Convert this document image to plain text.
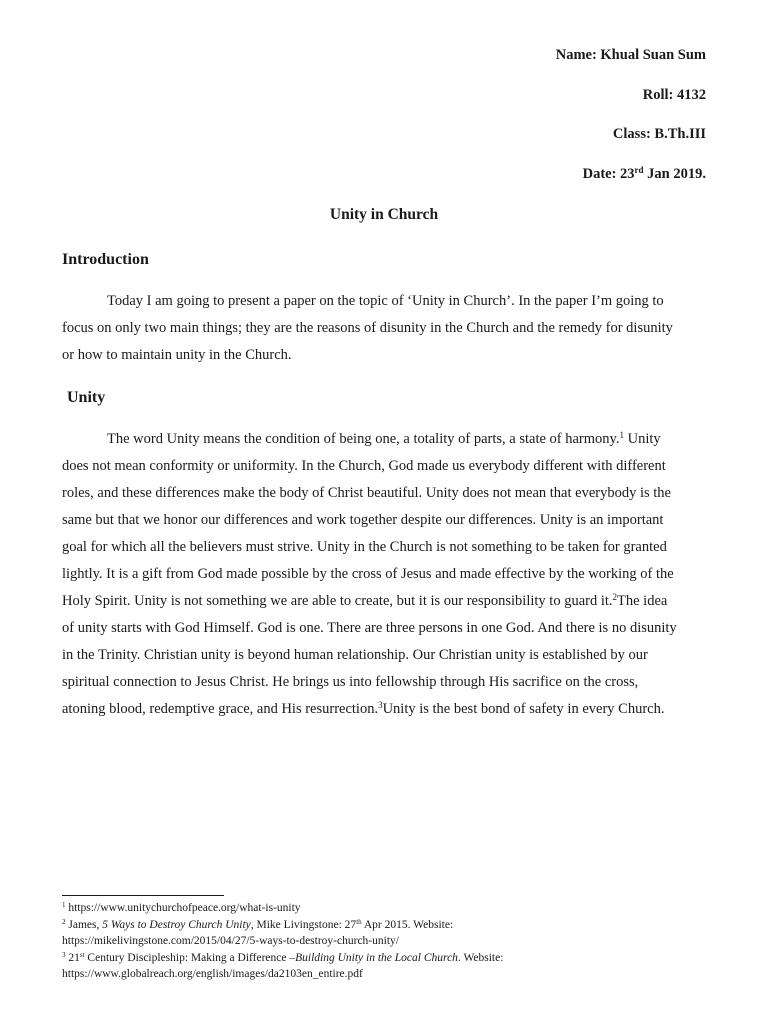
Name: Khual Suan Sum

Roll: 4132

Class: B.Th.III

Date: 23rd Jan 2019.

Unity in Church
Introduction
Today I am going to present a paper on the topic of ‘Unity in Church’. In the paper I’m going to
focus on only two main things; they are the reasons of disunity in the Church and the remedy for disunity
or how to maintain unity in the Church.
Unity
The word Unity means the condition of being one, a totality of parts, a state of harmony.$^1$ Unity
does not mean conformity or uniformity. In the Church, God made us everybody different with different
roles, and these differences make the body of Christ beautiful. Unity does not mean that everybody is the
same but that we honor our differences and work together despite our differences. Unity is an important
goal for which all the believers must strive. Unity in the Church is not something to be taken for granted
lightly. It is a gift from God made possible by the cross of Jesus and made effective by the working of the
Holy Spirit. Unity is not something we are able to create, but it is our responsibility to guard it.$^2$The idea
of unity starts with God Himself. God is one. There are three persons in one God. And there is no disunity
in the Trinity. Christian unity is beyond human relationship. Our Christian unity is established by our
spiritual connection to Jesus Christ. He brings us into fellowship through His sacrifice on the cross,
atoning blood, redemptive grace, and His resurrection.$^3$Unity is the best bond of safety in every Church.
$^1$ https://www.unitychurchofpeace.org/what-is-unity
$^2$ James, 5 Ways to Destroy Church Unity, Mike Livingstone: 27th Apr 2015. Website:
https://mikelivingstone.com/2015/04/27/5-ways-to-destroy-church-unity/
$^3$ 21st Century Discipleship: Making a Difference –Building Unity in the Local Church. Website:
https://www.globalreach.org/english/images/da2103en_entire.pdf
